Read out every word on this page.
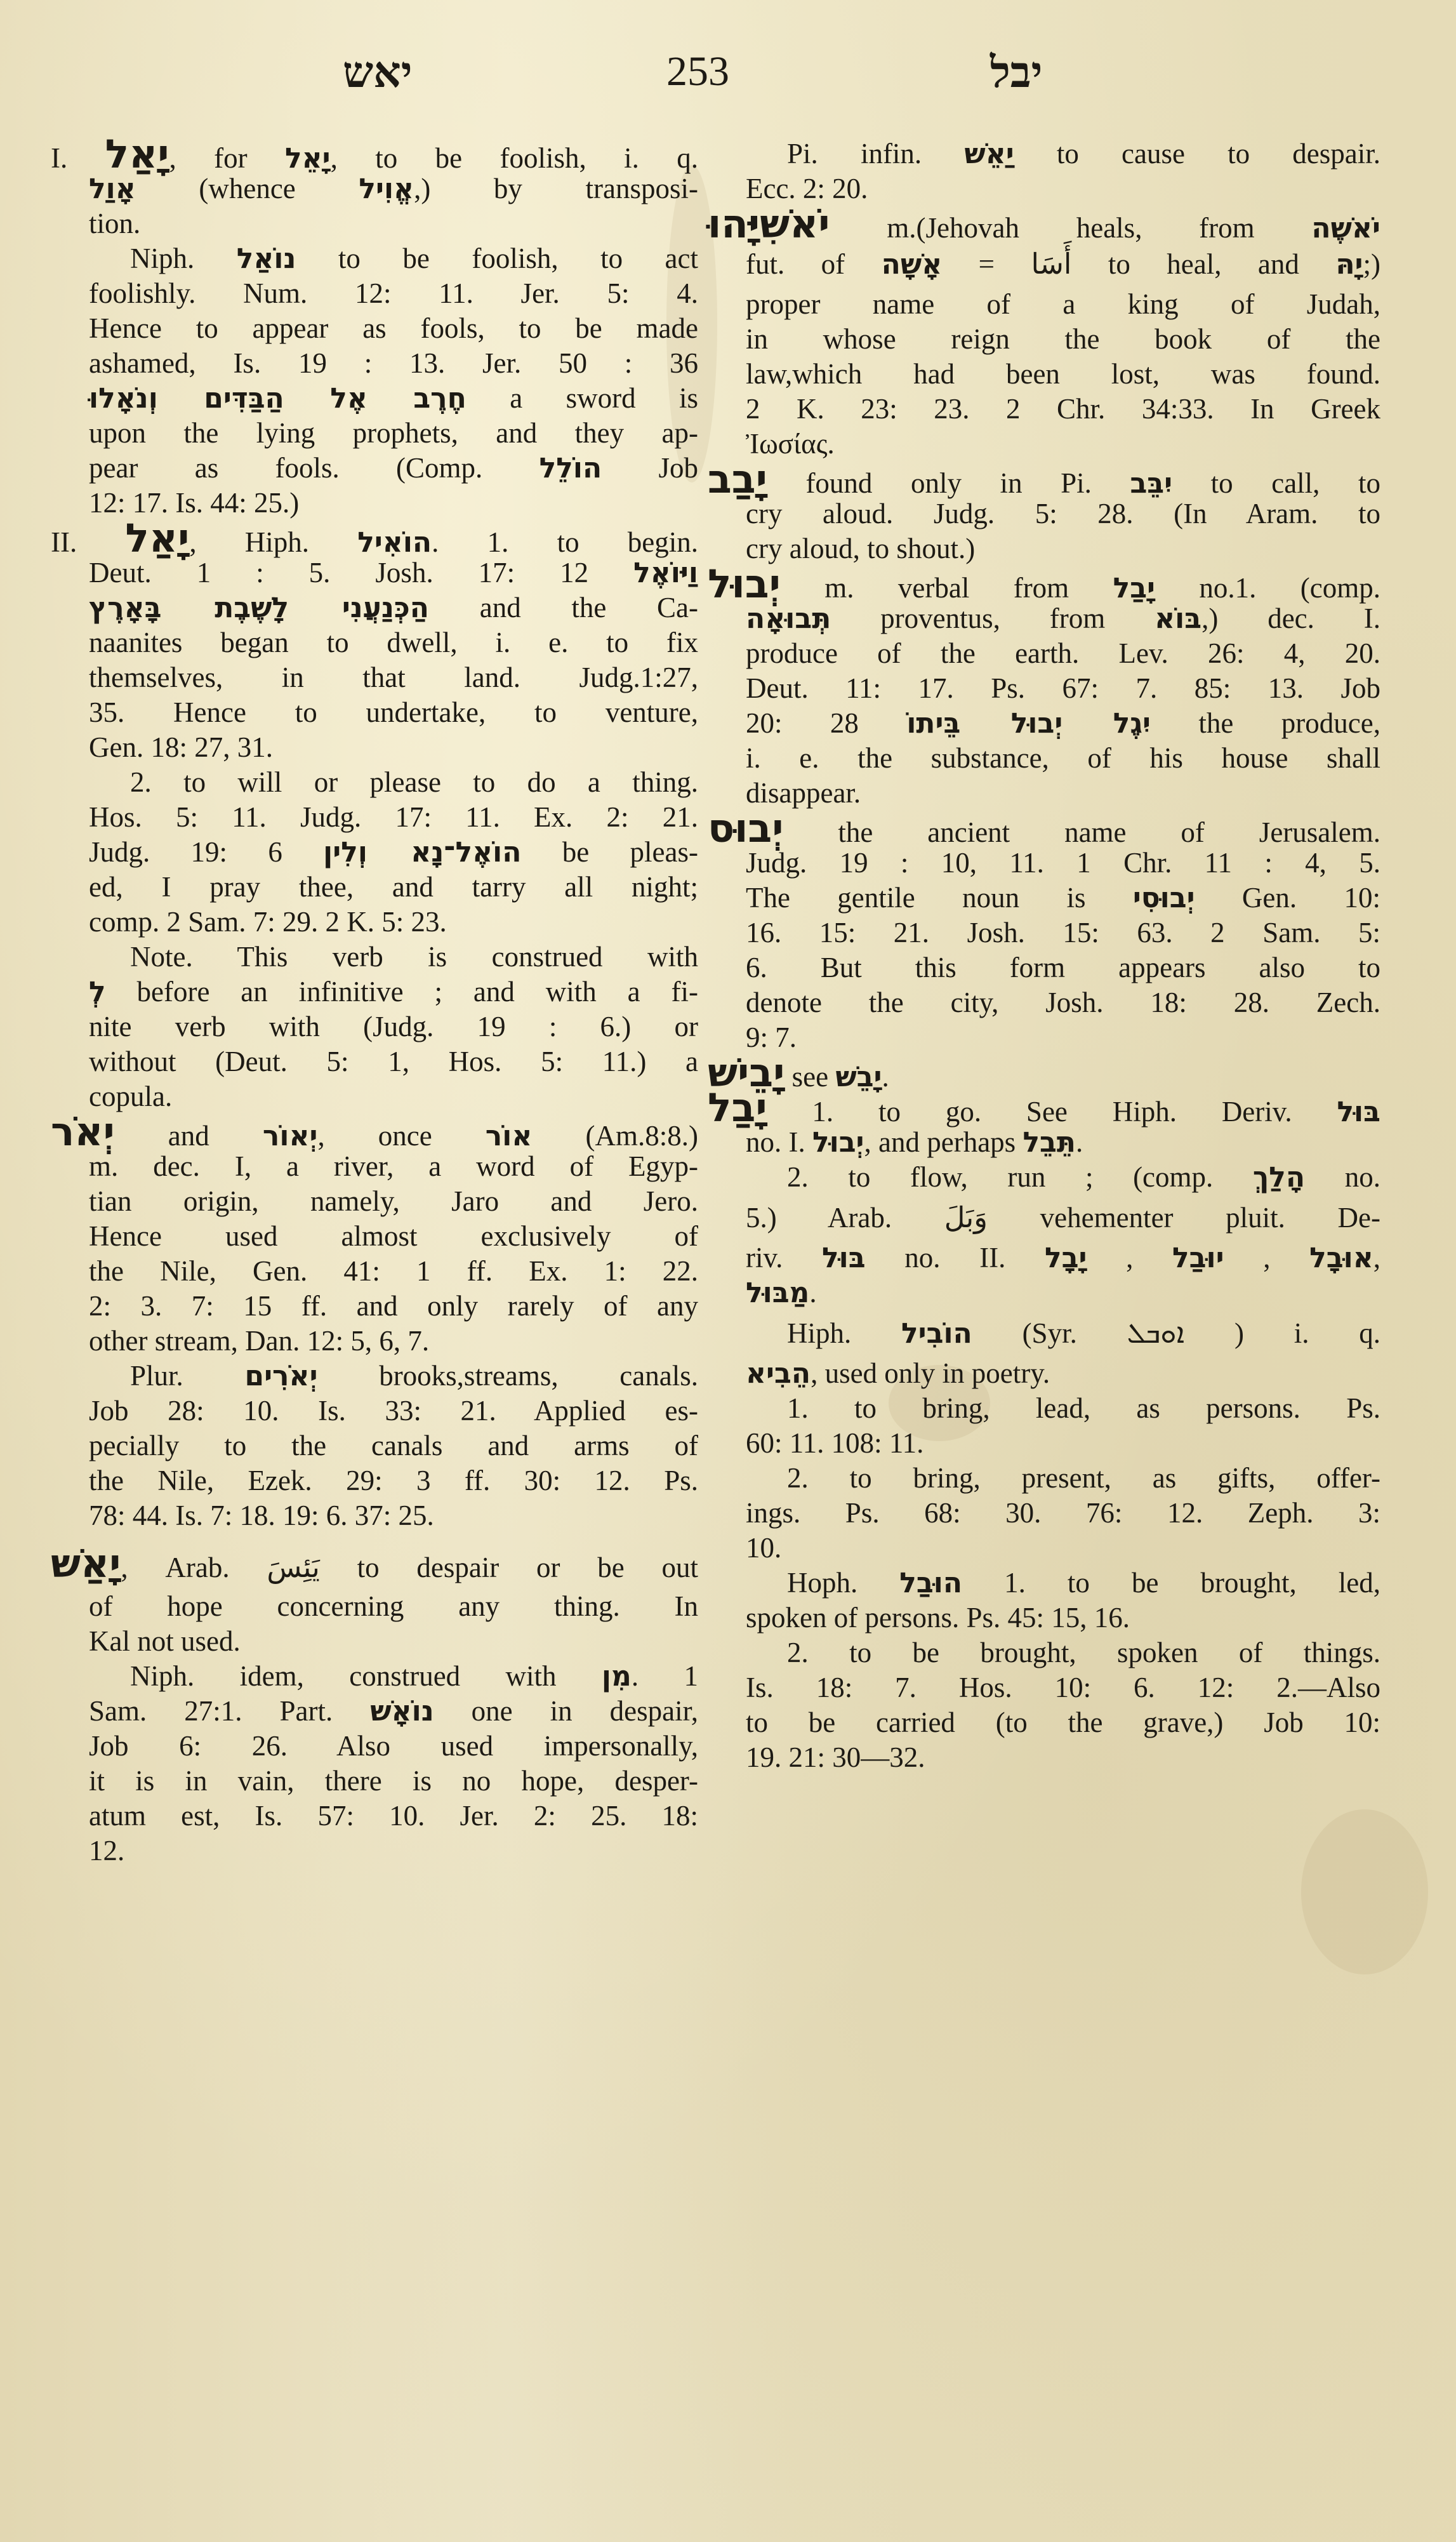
יאש	253	יבל
I. יָאַל, for יָאֵל, to be foolish, i. q.
אָוַל (whence אֱוִיל,) by transposi-
tion.
Niph. נוֹאַל to be foolish, to act
foolishly. Num. 12: 11. Jer. 5: 4.
Hence to appear as fools, to be made
ashamed, Is. 19 : 13. Jer. 50 : 36
חֶרֶב אֶל הַבַּדִּים וְנֹאָלוּ a sword is
upon the lying prophets, and they ap-
pear as fools. (Comp. הוֹלֵל Job
12: 17. Is. 44: 25.)
II. יָאַל, Hiph. הוֹאִיל. 1. to begin.
Deut. 1 : 5. Josh. 17: 12 וַיּוֹאֶל
הַכְּנַעֲנִי לָשֶׁבֶת בָּאָרֶץ and the Ca-
naanites began to dwell, i. e. to fix
themselves, in that land. Judg.1:27,
35. Hence to undertake, to venture,
Gen. 18: 27, 31.
2. to will or please to do a thing.
Hos. 5: 11. Judg. 17: 11. Ex. 2: 21.
Judg. 19: 6 הוֹאֶל־נָא וְלִין be pleas-
ed, I pray thee, and tarry all night;
comp. 2 Sam. 7: 29. 2 K. 5: 23.
Note. This verb is construed with
לְ before an infinitive ; and with a fi-
nite verb with (Judg. 19 : 6.) or
without (Deut. 5: 1, Hos. 5: 11.) a
copula.
יְאֹר and יְאוֹר, once אוֹר (Am.8:8.)
m. dec. I, a river, a word of Egyp-
tian origin, namely, Jaro and Jero.
Hence used almost exclusively of
the Nile, Gen. 41: 1 ff. Ex. 1: 22.
2: 3. 7: 15 ff. and only rarely of any
other stream, Dan. 12: 5, 6, 7.
Plur. יְאֹרִים brooks,streams, canals.
Job 28: 10. Is. 33: 21. Applied es-
pecially to the canals and arms of
the Nile, Ezek. 29: 3 ff. 30: 12. Ps.
78: 44. Is. 7: 18. 19: 6. 37: 25.
יָאַשׁ, Arab. يَئِسَ to despair or be out
of hope concerning any thing. In
Kal not used.
Niph. idem, construed with מִן. 1
Sam. 27:1. Part. נוֹאָשׁ one in despair,
Job 6: 26. Also used impersonally,
it is in vain, there is no hope, desper-
atum est, Is. 57: 10. Jer. 2: 25. 18:
12.
Pi. infin. יַאֵשׁ to cause to despair.
Ecc. 2: 20.
יֹאשִׁיָּהוּ m.(Jehovah heals, from יֹאשֶׁה
fut. of אָשָׁה = أَسَا to heal, and יָהּ;)
proper name of a king of Judah,
in whose reign the book of the
law,which had been lost, was found.
2 K. 23: 23. 2 Chr. 34:33. In Greek
Ἰωσίας.
יָבַב found only in Pi. יִבֵּב to call, to
cry aloud. Judg. 5: 28. (In Aram. to
cry aloud, to shout.)
יְבוּל m. verbal from יָבַל no.1. (comp.
תְּבוּאָה proventus, from בּוֹא,) dec. I.
produce of the earth. Lev. 26: 4, 20.
Deut. 11: 17. Ps. 67: 7. 85: 13. Job
20: 28 יִגֶל יְבוּל בֵּיתוֹ the produce,
i. e. the substance, of his house shall
disappear.
יְבוּס the ancient name of Jerusalem.
Judg. 19 : 10, 11. 1 Chr. 11 : 4, 5.
The gentile noun is יְבוּסִי Gen. 10:
16. 15: 21. Josh. 15: 63. 2 Sam. 5:
6. But this form appears also to
denote the city, Josh. 18: 28. Zech.
9: 7.
יָבֵישׁ see יָבֵשׁ.
יָבַל 1. to go. See Hiph. Deriv. בּוּל
no. I. יְבוּל, and perhaps תֵּבֵל.
2. to flow, run ; (comp. הָלַךְ no.
5.) Arab. وَبَلَ vehementer pluit. De-
riv. בּוּל no. II. יָבָל , יוּבַל , אוּבָל,
מַבּוּל.
Hiph. הוֹבִיל (Syr. ܐܘܒܠ ) i. q.
הֵבִיא, used only in poetry.
1. to bring, lead, as persons. Ps.
60: 11. 108: 11.
2. to bring, present, as gifts, offer-
ings. Ps. 68: 30. 76: 12. Zeph. 3:
10.
Hoph. הוּבַל 1. to be brought, led,
spoken of persons. Ps. 45: 15, 16.
2. to be brought, spoken of things.
Is. 18: 7. Hos. 10: 6. 12: 2.—Also
to be carried (to the grave,) Job 10:
19. 21: 30—32.
